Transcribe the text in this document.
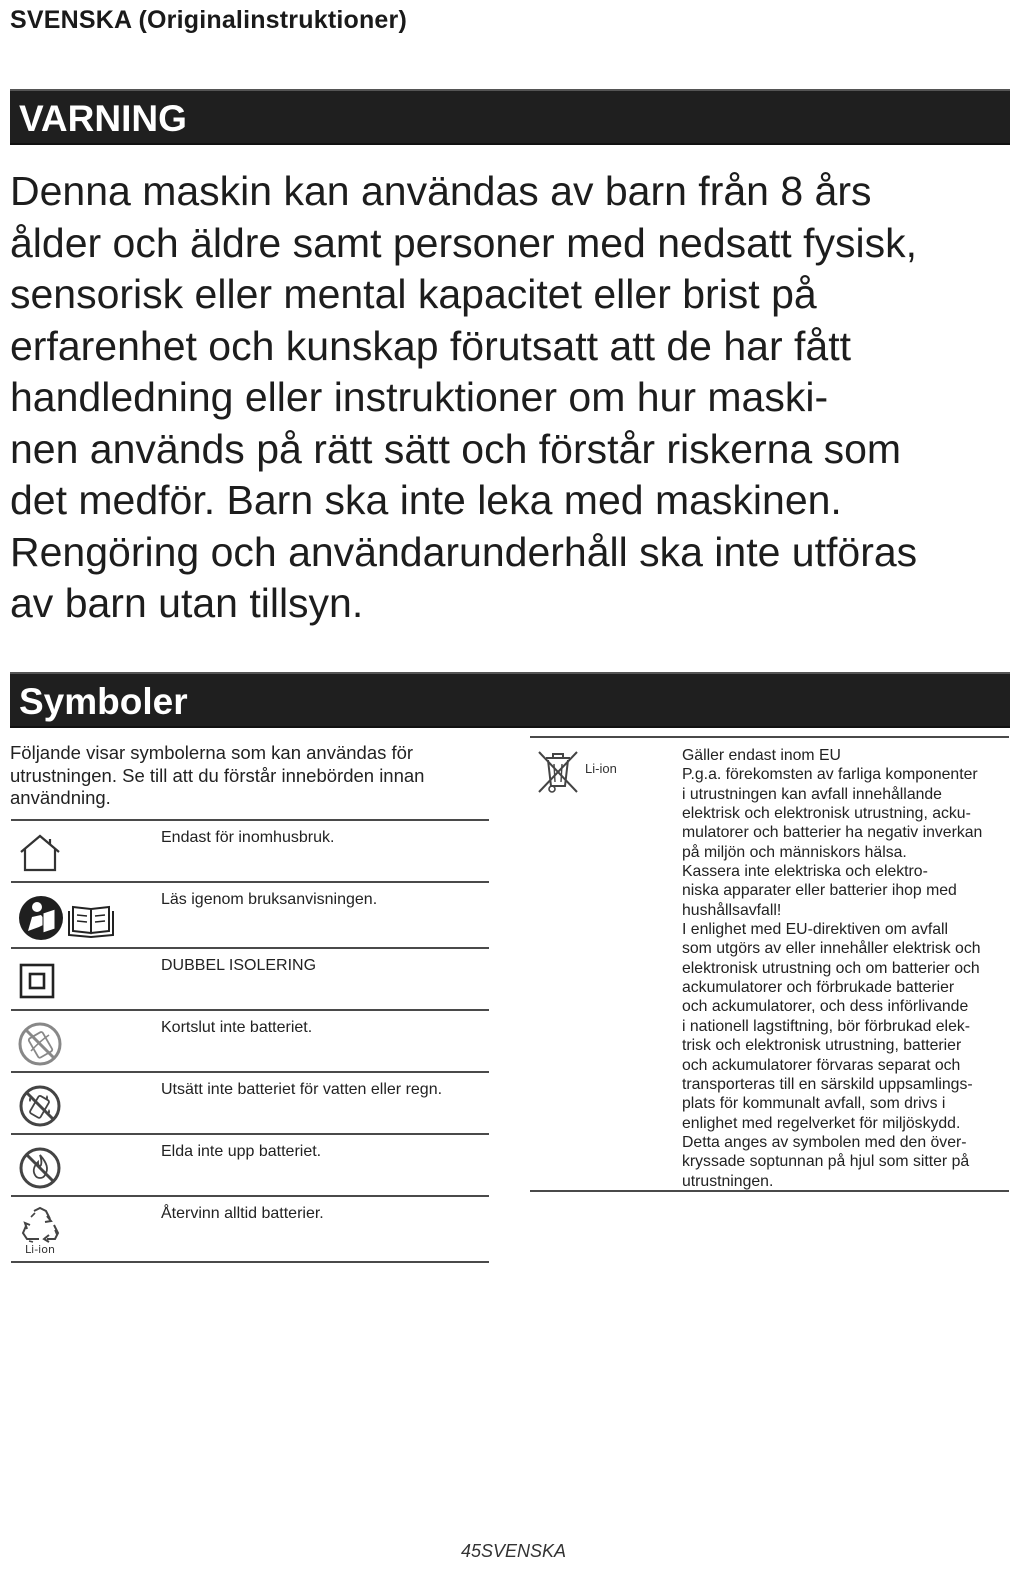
SVENSKA (Originalinstruktioner)
VARNING
Denna maskin kan användas av barn från 8 års
ålder och äldre samt personer med nedsatt fysisk,
sensorisk eller mental kapacitet eller brist på
erfarenhet och kunskap förutsatt att de har fått
handledning eller instruktioner om hur maski-
nen används på rätt sätt och förstår riskerna som
det medför. Barn ska inte leka med maskinen.
Rengöring och användarunderhåll ska inte utföras
av barn utan tillsyn.
Symboler
Följande visar symbolerna som kan användas för utrustningen. Se till att du förstår innebörden innan användning.
Endast för inomhusbruk.
Läs igenom bruksanvisningen.
DUBBEL ISOLERING
Kortslut inte batteriet.
Utsätt inte batteriet för vatten eller regn.
Elda inte upp batteriet.
Li-ion
Återvinn alltid batterier.
Li-ion
Gäller endast inom EU
P.g.a. förekomsten av farliga komponenter
i utrustningen kan avfall innehållande
elektrisk och elektronisk utrustning, acku-
mulatorer och batterier ha negativ inverkan
på miljön och människors hälsa.
Kassera inte elektriska och elektro-
niska apparater eller batterier ihop med
hushållsavfall!
I enlighet med EU-direktiven om avfall
som utgörs av eller innehåller elektrisk och
elektronisk utrustning och om batterier och
ackumulatorer och förbrukade batterier
och ackumulatorer, och dess införlivande
i nationell lagstiftning, bör förbrukad elek-
trisk och elektronisk utrustning, batterier
och ackumulatorer förvaras separat och
transporteras till en särskild uppsamlings-
plats för kommunalt avfall, som drivs i
enlighet med regelverket för miljöskydd.
Detta anges av symbolen med den över-
kryssade soptunnan på hjul som sitter på
utrustningen.
45SVENSKA
